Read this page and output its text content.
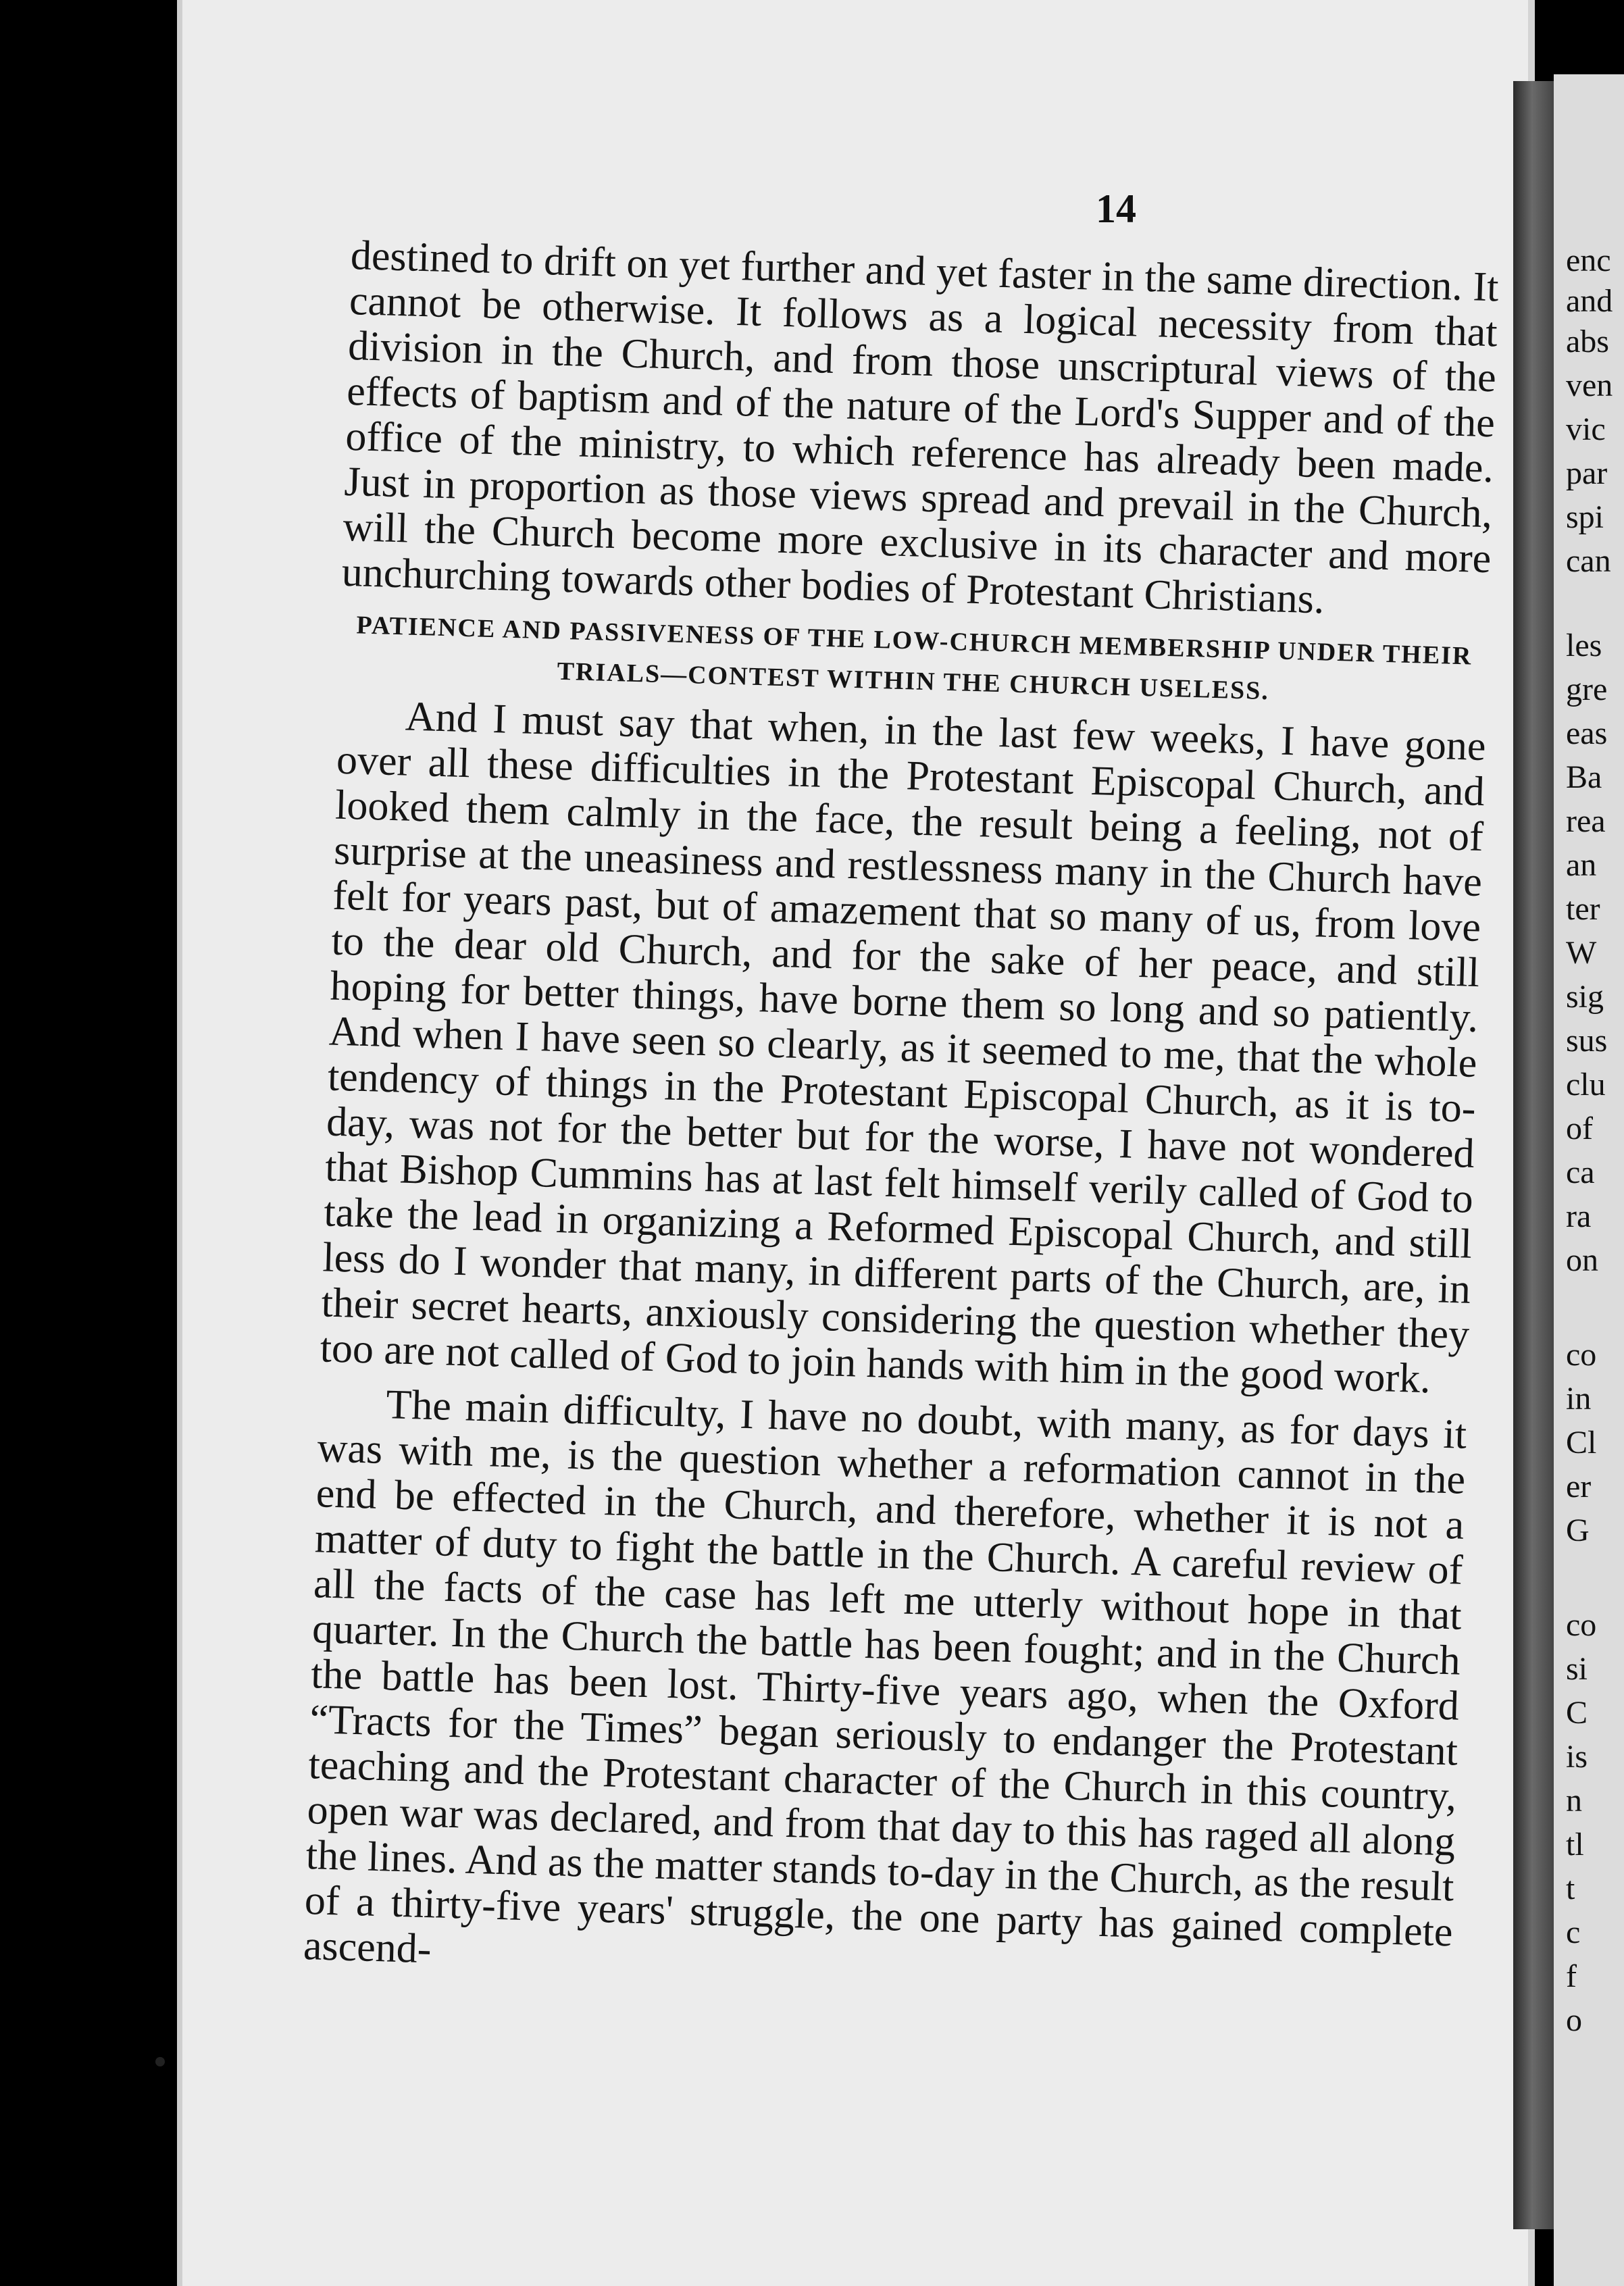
14

destined to drift on yet further and yet faster in the same direction. It cannot be otherwise. It follows as a logical necessity from that division in the Church, and from those unscriptural views of the effects of baptism and of the nature of the Lord's Supper and of the office of the ministry, to which reference has already been made. Just in proportion as those views spread and prevail in the Church, will the Church become more exclusive in its character and more unchurching towards other bodies of Protestant Christians.

PATIENCE AND PASSIVENESS OF THE LOW-CHURCH MEMBERSHIP UNDER THEIR TRIALS—CONTEST WITHIN THE CHURCH USELESS.

And I must say that when, in the last few weeks, I have gone over all these difficulties in the Protestant Episcopal Church, and looked them calmly in the face, the result being a feeling, not of surprise at the uneasiness and restlessness many in the Church have felt for years past, but of amazement that so many of us, from love to the dear old Church, and for the sake of her peace, and still hoping for better things, have borne them so long and so patiently. And when I have seen so clearly, as it seemed to me, that the whole tendency of things in the Protestant Episcopal Church, as it is to-day, was not for the better but for the worse, I have not wondered that Bishop Cummins has at last felt himself verily called of God to take the lead in organizing a Reformed Episcopal Church, and still less do I wonder that many, in different parts of the Church, are, in their secret hearts, anxiously considering the question whether they too are not called of God to join hands with him in the good work.

The main difficulty, I have no doubt, with many, as for days it was with me, is the question whether a reformation cannot in the end be effected in the Church, and therefore, whether it is not a matter of duty to fight the battle in the Church. A careful review of all the facts of the case has left me utterly without hope in that quarter. In the Church the battle has been fought; and in the Church the battle has been lost. Thirty-five years ago, when the Oxford “Tracts for the Times” began seriously to endanger the Protestant teaching and the Protestant character of the Church in this country, open war was declared, and from that day to this has raged all along the lines. And as the matter stands to-day in the Church, as the result of a thirty-five years' struggle, the one party has gained complete ascend-

enc
and
abs
ven
vic
par
spi
can
les
gre
eas
Ba
rea
an
ter
W
sig
sus
clu
of
ca
ra
on
co
in
Cl
er
G
co
si
C
is
n
tl
t
c
f
o
